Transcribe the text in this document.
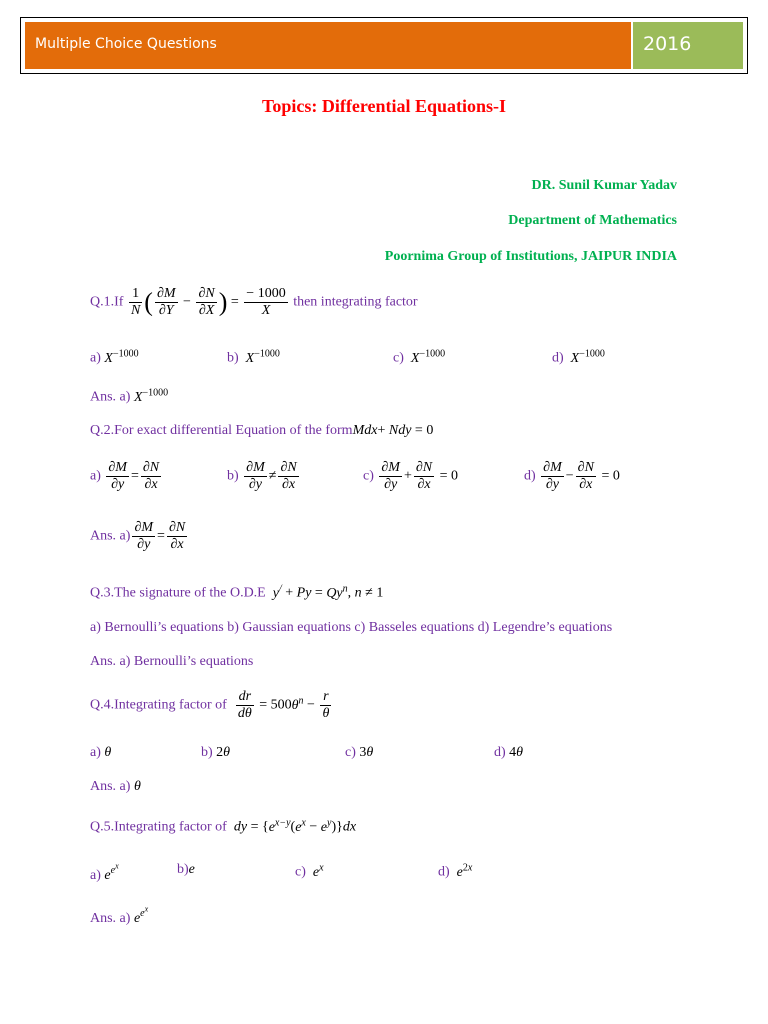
Multiple Choice Questions	2016
Topics: Differential Equations-I
DR. Sunil Kumar Yadav
Department of Mathematics
Poornima Group of Institutions, JAIPUR INDIA
$Q.1.If \frac{1}{N}$ ( $\frac{\partial M}{\partial Y} - \frac{\partial N}{\partial X}$ ) = $\frac{- 1000}{X}$ then integrating factor
a) $X^{-1000}$	b) $X^{-1000}$	c) $X^{-1000}$	d) $X^{-1000}$
Ans. a) $X^{-1000}$
Q.2.For exact differential Equation of the formMdx+ Ndy = 0
$a) \frac{\partial M}{\partial y} = \frac{\partial N}{\partial x}$	$b) \frac{\partial M}{\partial y} \ne \frac{\partial N}{\partial x}$	$c) \frac{\partial M}{\partial y} + \frac{\partial N}{\partial x} = 0$	$d) \frac{\partial M}{\partial y} - \frac{\partial N}{\partial x} = 0$
Ans. $a) \frac{\partial M}{\partial y} = \frac{\partial N}{\partial x}$
Q.3.The signature of the O.D.E $y^/ + Py = Qy^n$, n ≠ 1
a) Bernoulli’s equations b) Gaussian equations c) Basseles equations d) Legendre’s equations
Ans. a) Bernoulli’s equations
Q.4.Integrating factor of $\frac{dr}{d\theta} = 500\theta^n - \frac{r}{\theta}$
a) θ	b) 2θ	c) 3θ	d) 4θ
Ans. a) θ
Q.5.Integrating factor of dy = $\{e^{x-y}(e^x - e^y)\}dx$
a) $e^{e^x}$	b)e	c) $e^x$	d) $e^{2x}$
Ans. a) $e^{e^x}$
